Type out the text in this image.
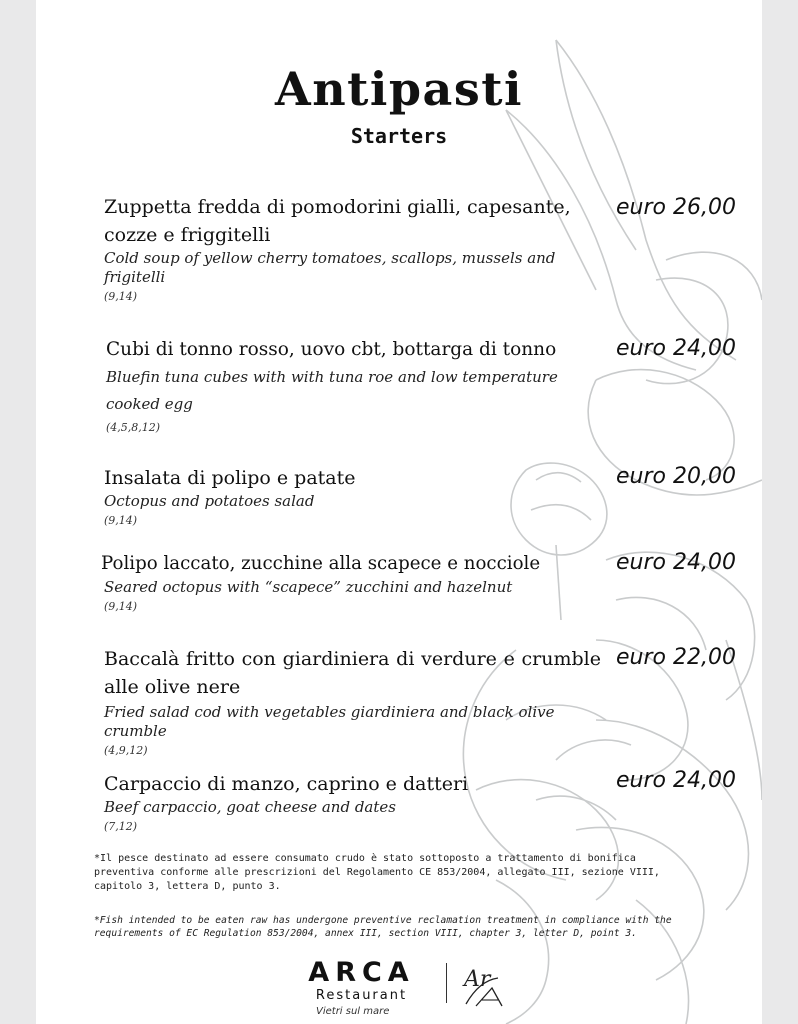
Antipasti
Starters
Zuppetta fredda di pomodorini gialli, capesante, cozze e friggitelli
Cold soup of yellow cherry tomatoes, scallops, mussels and frigitelli
(9,14)
euro 26,00
Cubi di tonno rosso, uovo cbt, bottarga di tonno
Bluefin tuna cubes with with tuna roe and low temperature cooked egg
(4,5,8,12)
euro 24,00
Insalata di polipo e patate
Octopus and potatoes salad
(9,14)
euro 20,00
Polipo laccato, zucchine alla scapece e nocciole
Seared octopus with “scapece” zucchini and hazelnut
(9,14)
euro 24,00
Baccalà fritto con giardiniera di verdure e crumble alle olive nere
Fried salad cod with vegetables giardiniera and black olive crumble
(4,9,12)
euro 22,00
Carpaccio di manzo, caprino e datteri
Beef carpaccio, goat cheese and dates
(7,12)
euro 24,00
*Il pesce destinato ad essere consumato crudo è stato sottoposto a trattamento di bonifica preventiva conforme alle prescrizioni del Regolamento CE 853/2004, allegato III, sezione VIII, capitolo 3, lettera D, punto 3.
*Fish intended to be eaten raw has undergone preventive reclamation treatment in compliance with the requirements of EC Regulation 853/2004, annex III, section VIII, chapter 3, letter D, point 3.
ARCA
Restaurant
Ar
Vietri sul mare
